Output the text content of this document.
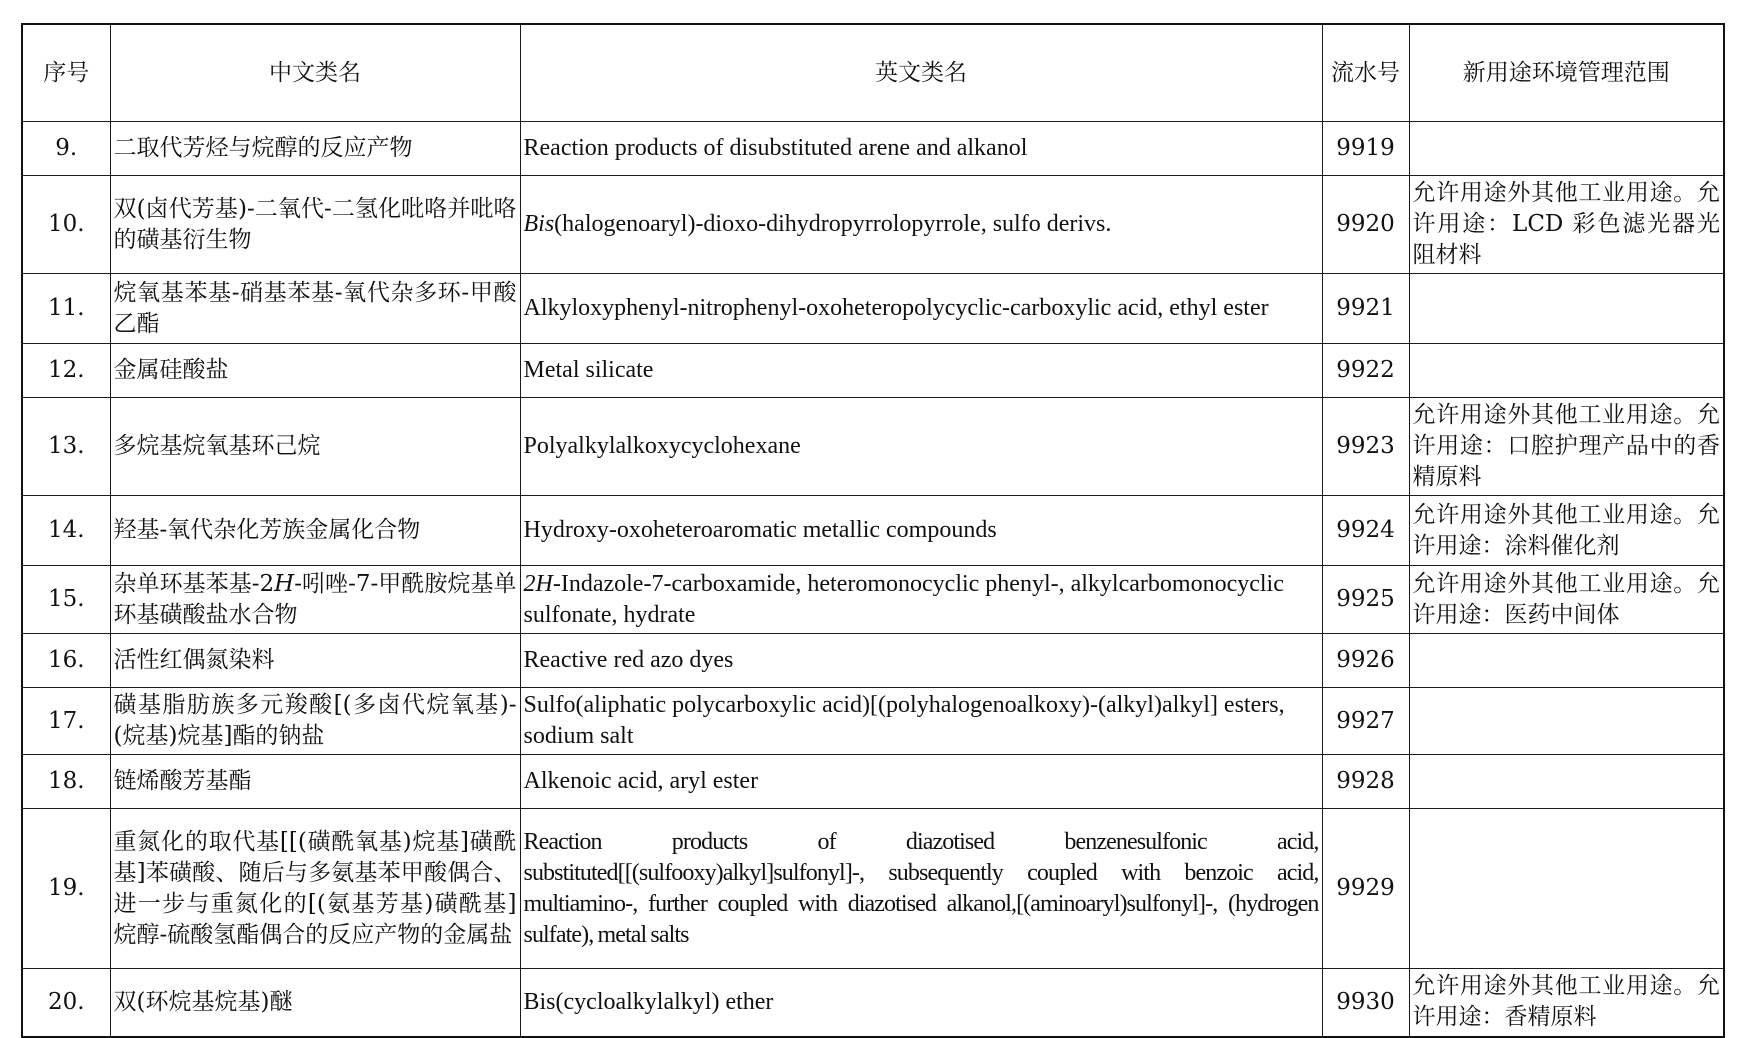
序号	中文类名	英文类名	流水号	新用途环境管理范围
9.	二取代芳烃与烷醇的反应产物	Reaction products of disubstituted arene and alkanol	9919	
10.	双(卤代芳基)-二氧代-二氢化吡咯并吡咯的磺基衍生物	Bis(halogenoaryl)-dioxo-dihydropyrrolopyrrole, sulfo derivs.	9920	允许用途外其他工业用途。允许用途：LCD 彩色滤光器光阻材料
11.	烷氧基苯基-硝基苯基-氧代杂多环-甲酸乙酯	Alkyloxyphenyl-nitrophenyl-oxoheteropolycyclic-carboxylic acid, ethyl ester	9921	
12.	金属硅酸盐	Metal silicate	9922	
13.	多烷基烷氧基环己烷	Polyalkylalkoxycyclohexane	9923	允许用途外其他工业用途。允许用途：口腔护理产品中的香精原料
14.	羟基-氧代杂化芳族金属化合物	Hydroxy-oxoheteroaromatic metallic compounds	9924	允许用途外其他工业用途。允许用途：涂料催化剂
15.	杂单环基苯基-2H-吲唑-7-甲酰胺烷基单环基磺酸盐水合物	2H-Indazole-7-carboxamide, heteromonocyclic phenyl-, alkylcarbomonocyclic sulfonate, hydrate	9925	允许用途外其他工业用途。允许用途：医药中间体
16.	活性红偶氮染料	Reactive red azo dyes	9926	
17.	磺基脂肪族多元羧酸[(多卤代烷氧基)-(烷基)烷基]酯的钠盐	Sulfo(aliphatic polycarboxylic acid)[(polyhalogenoalkoxy)-(alkyl)alkyl] esters, sodium salt	9927	
18.	链烯酸芳基酯	Alkenoic acid, aryl ester	9928	
19.	重氮化的取代基[[(磺酰氧基)烷基]磺酰基]苯磺酸、随后与多氨基苯甲酸偶合、进一步与重氮化的[(氨基芳基)磺酰基]烷醇-硫酸氢酯偶合的反应产物的金属盐	Reaction products of diazotised benzenesulfonic acid, substituted[[(sulfooxy)alkyl]sulfonyl]-, subsequently coupled with benzoic acid, multiamino-, further coupled with diazotised alkanol,[(aminoaryl)sulfonyl]-, (hydrogen sulfate), metal salts	9929	
20.	双(环烷基烷基)醚	Bis(cycloalkylalkyl) ether	9930	允许用途外其他工业用途。允许用途：香精原料
